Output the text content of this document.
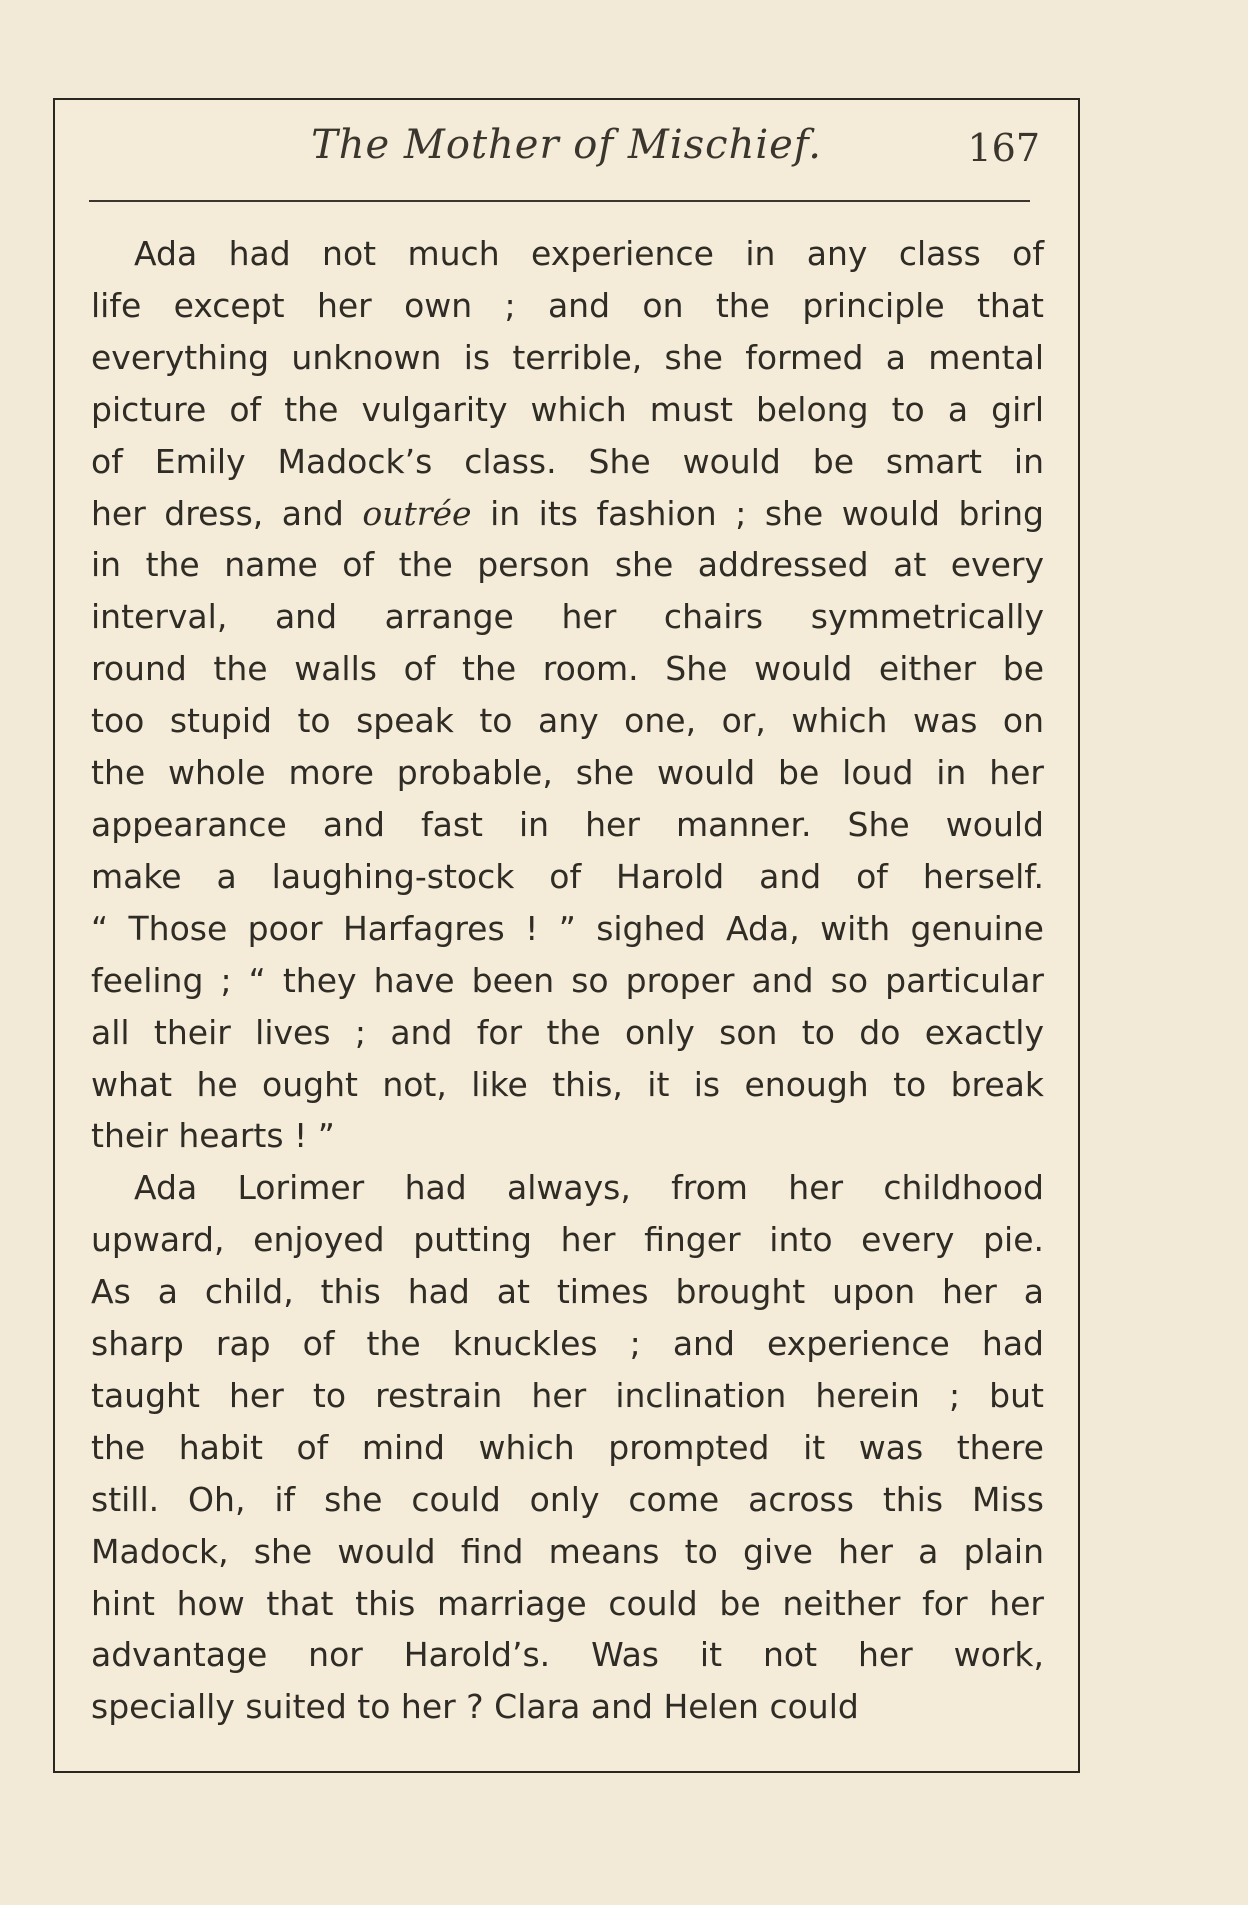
The Mother of Mischief.	167
Ada had not much experience in any class of
life except her own ; and on the principle that
everything unknown is terrible, she formed a mental
picture of the vulgarity which must belong to a girl
of Emily Madock’s class. She would be smart in
her dress, and outrée in its fashion ; she would bring
in the name of the person she addressed at every
interval, and arrange her chairs symmetrically
round the walls of the room. She would either be
too stupid to speak to any one, or, which was on
the whole more probable, she would be loud in her
appearance and fast in her manner. She would
make a laughing-stock of Harold and of herself.
“ Those poor Harfagres ! ” sighed Ada, with genuine
feeling ; “ they have been so proper and so particular
all their lives ; and for the only son to do exactly
what he ought not, like this, it is enough to break
their hearts ! ”
Ada Lorimer had always, from her childhood
upward, enjoyed putting her finger into every pie.
As a child, this had at times brought upon her a
sharp rap of the knuckles ; and experience had
taught her to restrain her inclination herein ; but
the habit of mind which prompted it was there
still. Oh, if she could only come across this Miss
Madock, she would find means to give her a plain
hint how that this marriage could be neither for her
advantage nor Harold’s. Was it not her work,
specially suited to her ? Clara and Helen could
